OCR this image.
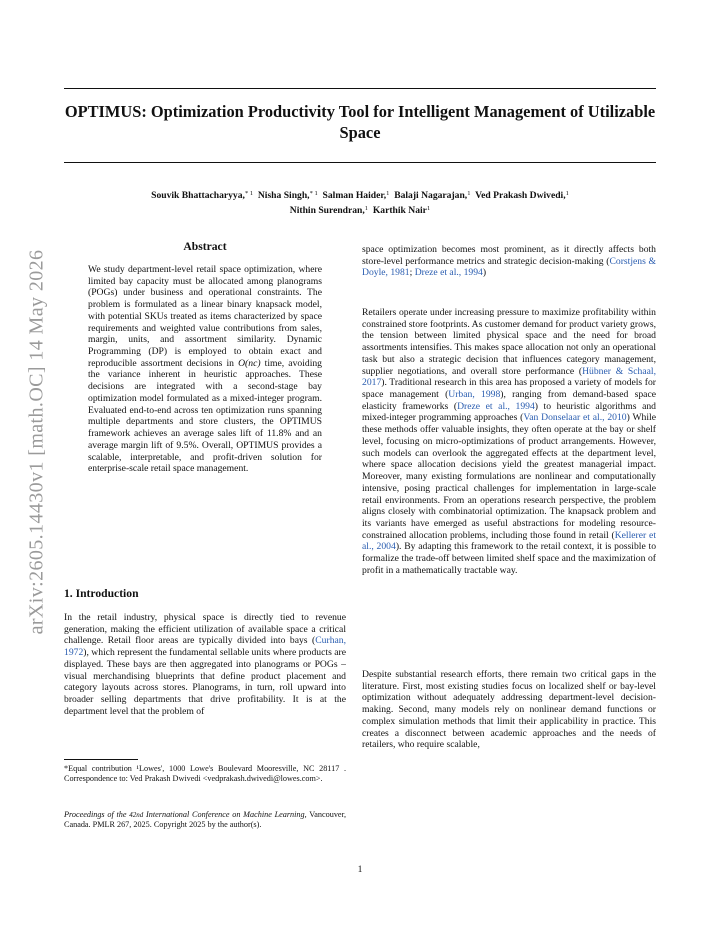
OPTIMUS: Optimization Productivity Tool for Intelligent Management of Utilizable Space
Souvik Bhattacharyya,$^{* 1}$ Nisha Singh,$^{* 1}$ Salman Haider,$^1$ Balaji Nagarajan,$^1$ Ved Prakash Dwivedi,$^1$
Nithin Surendran,$^1$ Karthik Nair$^1$
arXiv:2605.14430v1 [math.OC] 14 May 2026
Abstract

We study department-level retail space optimization, where limited bay capacity must be allocated among planograms (POGs) under business and operational constraints. The problem is formulated as a linear binary knapsack model, with potential SKUs treated as items characterized by space requirements and weighted value contributions from sales, margin, units, and assortment similarity. Dynamic Programming (DP) is employed to obtain exact and reproducible assortment decisions in O(nc) time, avoiding the variance inherent in heuristic approaches. These decisions are integrated with a second-stage bay optimization model formulated as a mixed-integer program. Evaluated end-to-end across ten optimization runs spanning multiple departments and store clusters, the OPTIMUS framework achieves an average sales lift of 11.8% and an average margin lift of 9.5%. Overall, OPTIMUS provides a scalable, interpretable, and profit-driven solution for enterprise-scale retail space management.

1. Introduction

In the retail industry, physical space is directly tied to revenue generation, making the efficient utilization of available space a critical challenge. Retail floor areas are typically divided into bays (Curhan, 1972), which represent the fundamental sellable units where products are displayed. These bays are then aggregated into planograms or POGs – visual merchandising blueprints that define product placement and category layouts across stores. Planograms, in turn, roll upward into broader selling departments that drive profitability. It is at the department level that the problem of

*Equal contribution ¹Lowes', 1000 Lowe's Boulevard Mooresville, NC 28117 . Correspondence to: Ved Prakash Dwivedi <vedprakash.dwivedi@lowes.com>.

Proceedings of the 42nd International Conference on Machine Learning, Vancouver, Canada. PMLR 267, 2025. Copyright 2025 by the author(s).

space optimization becomes most prominent, as it directly affects both store-level performance metrics and strategic decision-making (Corstjens & Doyle, 1981; Dreze et al., 1994)

Retailers operate under increasing pressure to maximize profitability within constrained store footprints. As customer demand for product variety grows, the tension between limited physical space and the need for broad assortments intensifies. This makes space allocation not only an operational task but also a strategic decision that influences category management, supplier negotiations, and overall store performance (Hübner & Schaal, 2017). Traditional research in this area has proposed a variety of models for space management (Urban, 1998), ranging from demand-based space elasticity frameworks (Dreze et al., 1994) to heuristic algorithms and mixed-integer programming approaches (Van Donselaar et al., 2010) While these methods offer valuable insights, they often operate at the bay or shelf level, focusing on micro-optimizations of product arrangements. However, such models can overlook the aggregated effects at the department level, where space allocation decisions yield the greatest managerial impact. Moreover, many existing formulations are nonlinear and computationally intensive, posing practical challenges for implementation in large-scale retail environments. From an operations research perspective, the problem aligns closely with combinatorial optimization. The knapsack problem and its variants have emerged as useful abstractions for modeling resource-constrained allocation problems, including those found in retail (Kellerer et al., 2004). By adapting this framework to the retail context, it is possible to formalize the trade-off between limited shelf space and the maximization of profit in a mathematically tractable way.

Despite substantial research efforts, there remain two critical gaps in the literature. First, most existing studies focus on localized shelf or bay-level optimization without adequately addressing department-level decision-making. Second, many models rely on nonlinear demand functions or complex simulation methods that limit their applicability in practice. This creates a disconnect between academic approaches and the needs of retailers, who require scalable,
1
